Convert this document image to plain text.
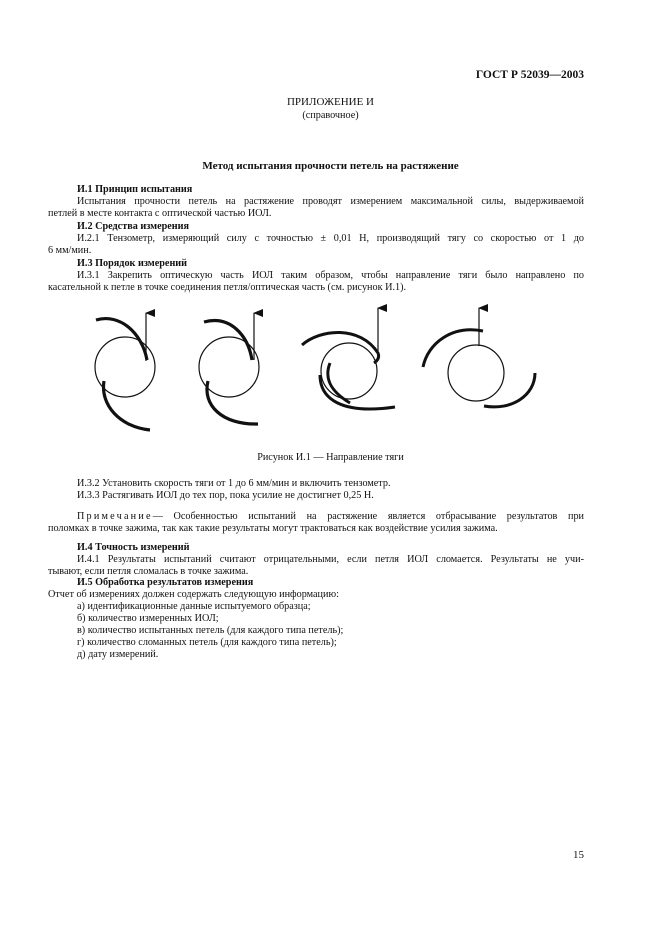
ГОСТ Р 52039—2003
ПРИЛОЖЕНИЕ И
(справочное)
Метод испытания прочности петель на растяжение
И.1 Принцип испытания
Испытания прочности петель на растяжение проводят измерением максимальной силы, выдерживаемой
петлей в месте контакта с оптической частью ИОЛ.
И.2 Средства измерения
И.2.1 Тензометр, измеряющий силу с точностью ± 0,01 Н, производящий тягу со скоростью от 1 до
6 мм/мин.
И.3 Порядок измерений
И.3.1 Закрепить оптическую часть ИОЛ таким образом, чтобы направление тяги было направлено по
касательной к петле в точке соединения петля/оптическая часть (см. рисунок И.1).
Рисунок И.1 — Направление тяги
И.3.2 Установить скорость тяги от 1 до 6 мм/мин и включить тензометр.
И.3.3 Растягивать ИОЛ до тех пор, пока усилие не достигнет 0,25 Н.
Примечание— Особенностью испытаний на растяжение является отбрасывание результатов при
поломках в точке зажима, так как такие результаты могут трактоваться как воздействие усилия зажима.
И.4 Точность измерений
И.4.1 Результаты испытаний считают отрицательными, если петля ИОЛ сломается. Результаты не учи-
тывают, если петля сломалась в точке зажима.
И.5 Обработка результатов измерения
Отчет об измерениях должен содержать следующую информацию:
а) идентификационные данные испытуемого образца;
б) количество измеренных ИОЛ;
в) количество испытанных петель (для каждого типа петель);
г) количество сломанных петель (для каждого типа петель);
д) дату измерений.
15
